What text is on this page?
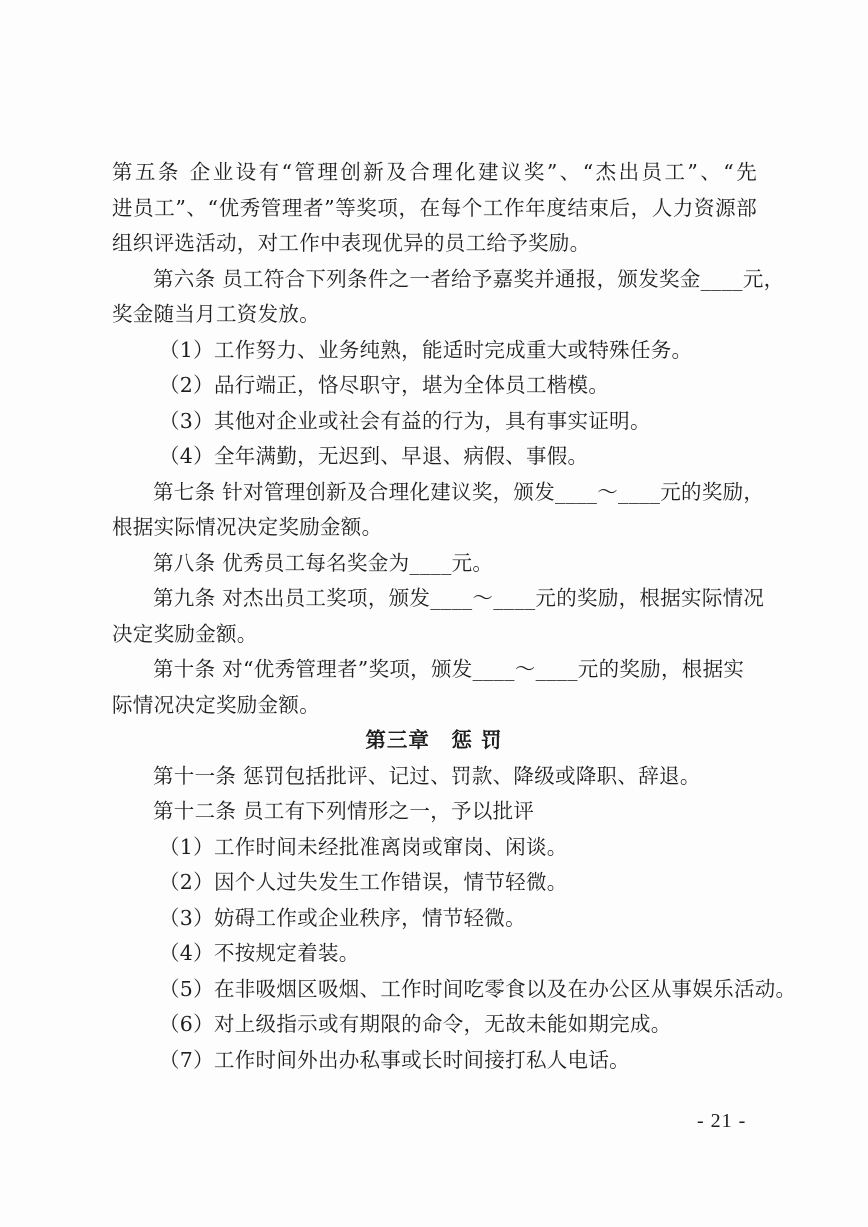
第五条 企业设有“管理创新及合理化建议奖”、“杰出员工”、“先
进员工”、“优秀管理者”等奖项，在每个工作年度结束后，人力资源部
组织评选活动，对工作中表现优异的员工给予奖励。
第六条 员工符合下列条件之一者给予嘉奖并通报，颁发奖金____元，
奖金随当月工资发放。
（1）工作努力、业务纯熟，能适时完成重大或特殊任务。
（2）品行端正，恪尽职守，堪为全体员工楷模。
（3）其他对企业或社会有益的行为，具有事实证明。
（4）全年满勤，无迟到、早退、病假、事假。
第七条 针对管理创新及合理化建议奖，颁发____～____元的奖励，
根据实际情况决定奖励金额。
第八条 优秀员工每名奖金为____元。
第九条 对杰出员工奖项，颁发____～____元的奖励，根据实际情况
决定奖励金额。
第十条 对“优秀管理者”奖项，颁发____～____元的奖励，根据实
际情况决定奖励金额。
第三章　惩 罚
第十一条 惩罚包括批评、记过、罚款、降级或降职、辞退。
第十二条 员工有下列情形之一，予以批评
（1）工作时间未经批准离岗或窜岗、闲谈。
（2）因个人过失发生工作错误，情节轻微。
（3）妨碍工作或企业秩序，情节轻微。
（4）不按规定着装。
（5）在非吸烟区吸烟、工作时间吃零食以及在办公区从事娱乐活动。
（6）对上级指示或有期限的命令，无故未能如期完成。
（7）工作时间外出办私事或长时间接打私人电话。
- 21 -
